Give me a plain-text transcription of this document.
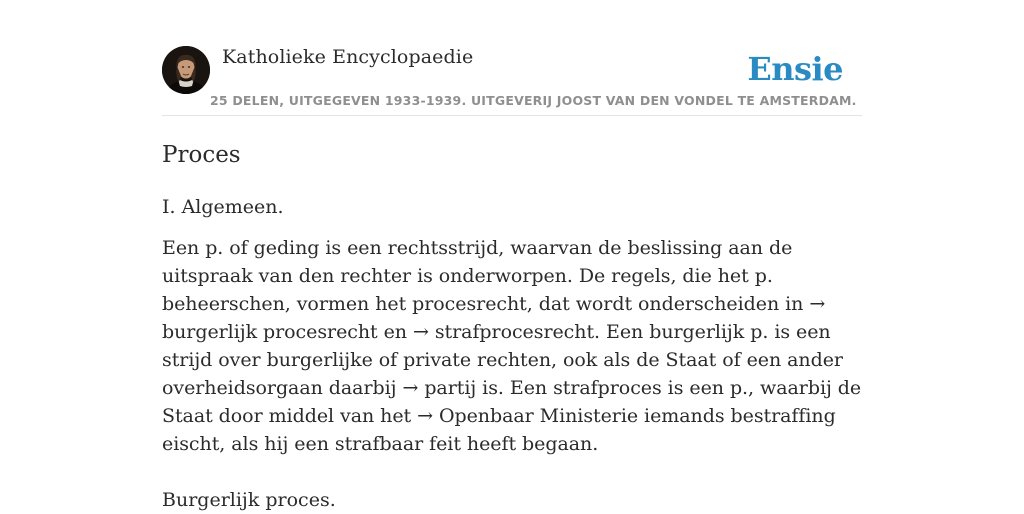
Katholieke Encyclopaedie
25 DELEN, UITGEGEVEN 1933-1939. UITGEVERIJ JOOST VAN DEN VONDEL TE AMSTERDAM.
Ensie
Proces

I. Algemeen.

Een p. of geding is een rechtsstrijd, waarvan de beslissing aan de uitspraak van den rechter is onderworpen. De regels, die het p. beheerschen, vormen het procesrecht, dat wordt onderscheiden in → burgerlijk procesrecht en → strafprocesrecht. Een burgerlijk p. is een strijd over burgerlijke of private rechten, ook als de Staat of een ander overheidsorgaan daarbij → partij is. Een strafproces is een p., waarbij de Staat door middel van het → Openbaar Ministerie iemands bestraffing eischt, als hij een strafbaar feit heeft begaan.

Burgerlijk proces.
